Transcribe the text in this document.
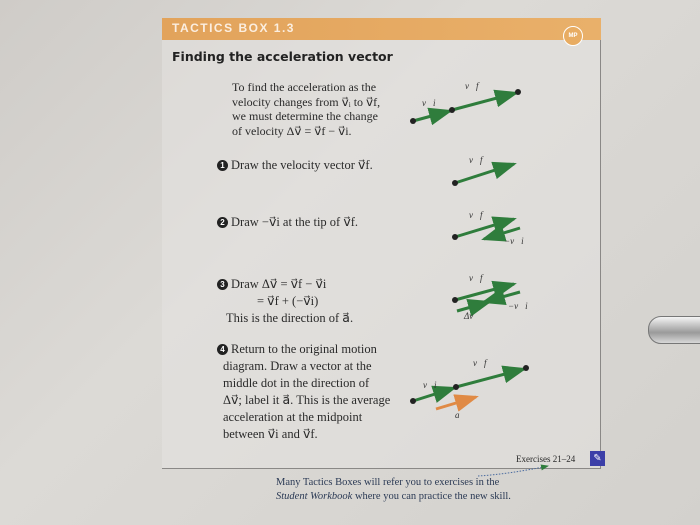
TACTICS BOX 1.3
MP
Finding the acceleration vector
To find the acceleration as the
velocity changes from v⃗ᵢ to v⃗f,
we must determine the change
of velocity Δv⃗ = v⃗f − v⃗i.
1 Draw the velocity vector v⃗f.
2 Draw −v⃗i at the tip of v⃗f.
3 Draw Δv⃗ = v⃗f − v⃗i
= v⃗f + (−v⃗i)
This is the direction of a⃗.
4 Return to the original motion
diagram. Draw a vector at the
middle dot in the direction of
Δv⃗; label it a⃗. This is the average
acceleration at the midpoint
between v⃗i and v⃗f.
v⃗i
v⃗f
v⃗f
v⃗f
−v⃗i
v⃗f
−v⃗i
Δv⃗
v⃗i
v⃗f
a⃗
Exercises 21–24	✎
Many Tactics Boxes will refer you to exercises in the
Student Workbook where you can practice the new skill.
